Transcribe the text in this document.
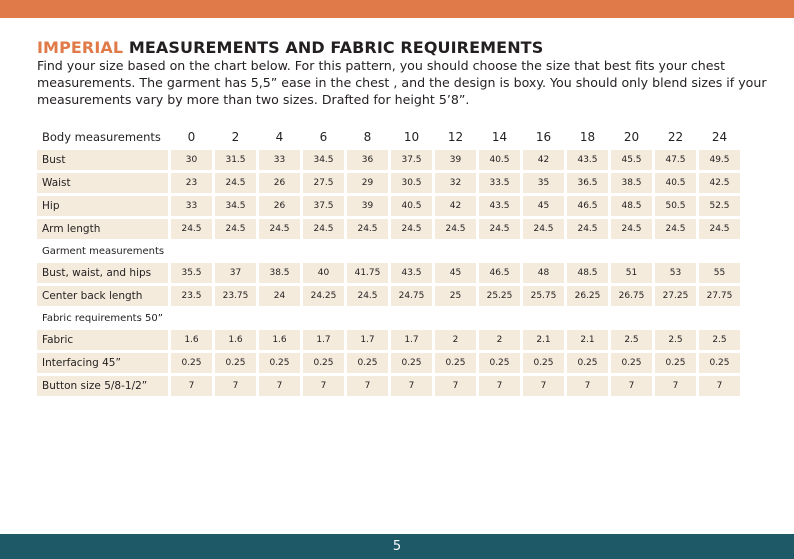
IMPERIAL MEASUREMENTS AND FABRIC REQUIREMENTS

Find your size based on the chart below. For this pattern, you should choose the size that best fits your chest measurements. The garment has 5,5” ease in the chest , and the design is boxy. You should only blend sizes if your measurements vary by more than two sizes. Drafted for height 5’8”.

Body measurements	0	2	4	6	8	10	12	14	16	18	20	22	24
Bust	30	31.5	33	34.5	36	37.5	39	40.5	42	43.5	45.5	47.5	49.5
Waist	23	24.5	26	27.5	29	30.5	32	33.5	35	36.5	38.5	40.5	42.5
Hip	33	34.5	26	37.5	39	40.5	42	43.5	45	46.5	48.5	50.5	52.5
Arm length	24.5	24.5	24.5	24.5	24.5	24.5	24.5	24.5	24.5	24.5	24.5	24.5	24.5
Garment measurements													
Bust, waist, and hips	35.5	37	38.5	40	41.75	43.5	45	46.5	48	48.5	51	53	55
Center back length	23.5	23.75	24	24.25	24.5	24.75	25	25.25	25.75	26.25	26.75	27.25	27.75
Fabric requirements 50”													
Fabric	1.6	1.6	1.6	1.7	1.7	1.7	2	2	2.1	2.1	2.5	2.5	2.5
Interfacing 45”	0.25	0.25	0.25	0.25	0.25	0.25	0.25	0.25	0.25	0.25	0.25	0.25	0.25
Button size 5/8-1/2”	7	7	7	7	7	7	7	7	7	7	7	7	7
5
